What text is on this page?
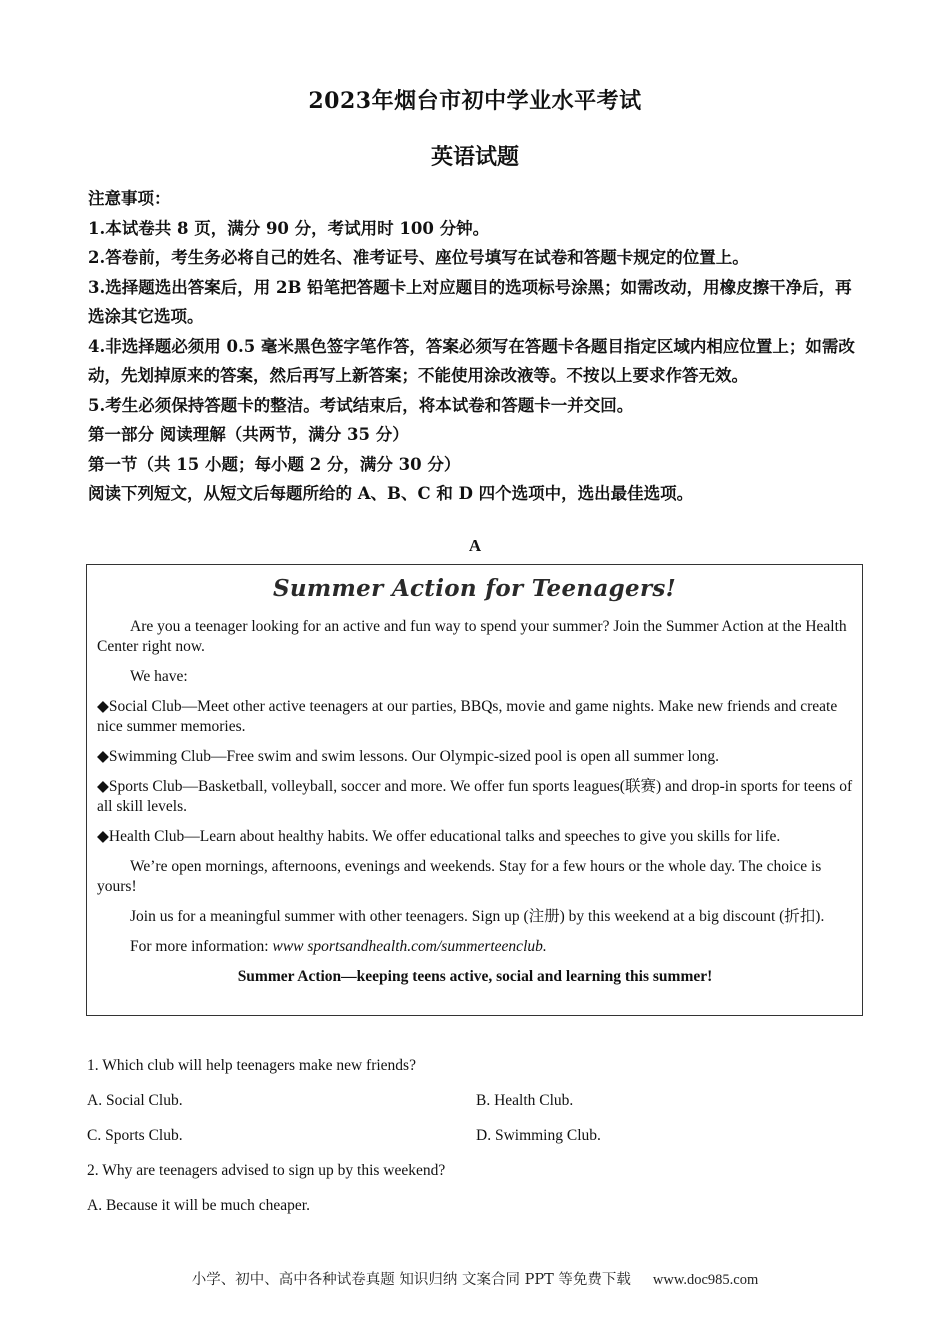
2023年烟台市初中学业水平考试
英语试题
注意事项：
1.本试卷共 8 页，满分 90 分，考试用时 100 分钟。
2.答卷前，考生务必将自己的姓名、准考证号、座位号填写在试卷和答题卡规定的位置上。
3.选择题选出答案后，用 2B 铅笔把答题卡上对应题目的选项标号涂黑；如需改动，用橡皮擦干净后，再选涂其它选项。
4.非选择题必须用 0.5 毫米黑色签字笔作答，答案必须写在答题卡各题目指定区域内相应位置上；如需改动，先划掉原来的答案，然后再写上新答案；不能使用涂改液等。不按以上要求作答无效。
5.考生必须保持答题卡的整洁。考试结束后，将本试卷和答题卡一并交回。
第一部分 阅读理解（共两节，满分 35 分）
第一节（共 15 小题；每小题 2 分，满分 30 分）
阅读下列短文，从短文后每题所给的 A、B、C 和 D 四个选项中，选出最佳选项。
A
Summer Action for Teenagers!

Are you a teenager looking for an active and fun way to spend your summer? Join the Summer Action at the Health Center right now.

We have:

◆Social Club—Meet other active teenagers at our parties, BBQs, movie and game nights. Make new friends and create nice summer memories.

◆Swimming Club—Free swim and swim lessons. Our Olympic-sized pool is open all summer long.

◆Sports Club—Basketball, volleyball, soccer and more. We offer fun sports leagues(联赛) and drop-in sports for teens of all skill levels.

◆Health Club—Learn about healthy habits. We offer educational talks and speeches to give you skills for life.

We’re open mornings, afternoons, evenings and weekends. Stay for a few hours or the whole day. The choice is yours!

Join us for a meaningful summer with other teenagers. Sign up (注册) by this weekend at a big discount (折扣).

For more information: www sportsandhealth.com/summerteenclub.

Summer Action—keeping teens active, social and learning this summer!

1. Which club will help teenagers make new friends?
A. Social Club.	B. Health Club.
C. Sports Club.	D. Swimming Club.
2. Why are teenagers advised to sign up by this weekend?
A. Because it will be much cheaper.
小学、初中、高中各种试卷真题 知识归纳 文案合同 PPT 等免费下载 www.doc985.com
